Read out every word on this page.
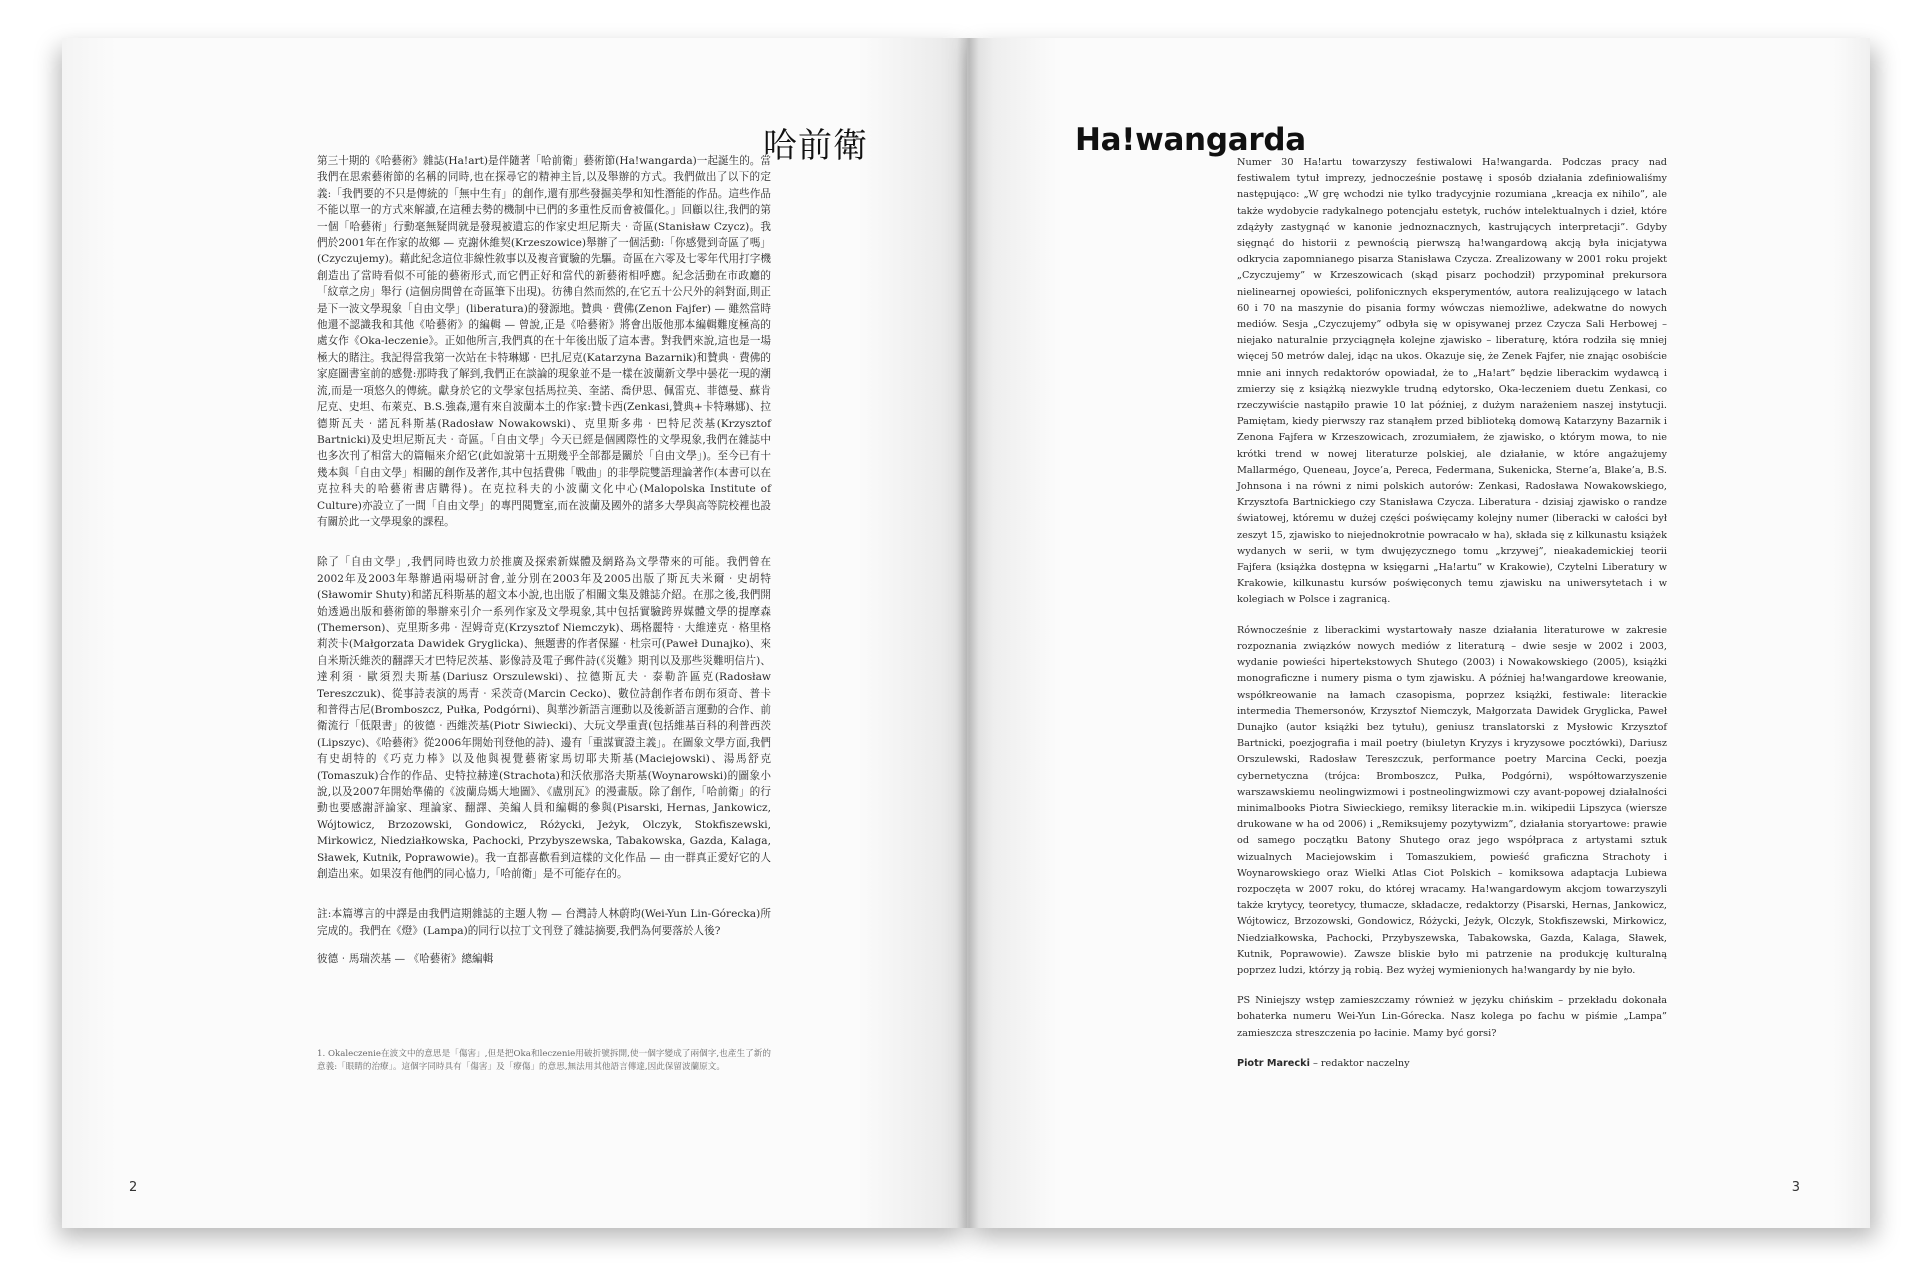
哈前衛

第三十期的《哈藝術》雜誌(Ha!art)是伴隨著「哈前衛」藝術節(Ha!wangarda)一起誕生的。當我們在思索藝術節的名稱的同時,也在探尋它的精神主旨,以及舉辦的方式。我們做出了以下的定義:「我們要的不只是傳統的「無中生有」的創作,還有那些發掘美學和知性潛能的作品。這些作品不能以單一的方式來解讀,在這種去勢的機制中已們的多重性反而會被僵化。」回顧以往,我們的第一個「哈藝術」行動毫無疑問就是發現被遺忘的作家史坦尼斯夫‧奇區(Stanisław Czycz)。我們於2001年在作家的故鄉 — 克謝休維契(Krzeszowice)舉辦了一個活動:「你感覺到奇區了嗎」(Czyczujemy)。藉此紀念這位非線性敘事以及複音實驗的先驅。奇區在六零及七零年代用打字機創造出了當時看似不可能的藝術形式,而它們正好和當代的新藝術相呼應。紀念活動在市政廳的「紋章之房」舉行 (這個房間曾在奇區筆下出現)。彷彿自然而然的,在它五十公尺外的斜對面,則正是下一波文學現象「自由文學」(liberatura)的發源地。贊典‧費佛(Zenon Fajfer) — 雖然當時他還不認識我和其他《哈藝術》的編輯 — 曾說,正是《哈藝術》將會出版他那本編輯難度極高的處女作《Oka-leczenie》。正如他所言,我們真的在十年後出版了這本書。對我們來說,這也是一場極大的賭注。我記得當我第一次站在卡特琳娜‧巴扎尼克(Katarzyna Bazarnik)和贊典‧費佛的家庭圖書室前的感覺:那時我了解到,我們正在談論的現象並不是一樣在波蘭新文學中曇花一現的潮流,而是一項悠久的傳統。獻身於它的文學家包括馬拉美、奎諾、喬伊思、佩雷克、菲德曼、蘇肯尼克、史坦、布萊克、B.S.強森,還有來自波蘭本土的作家:贊卡西(Zenkasi,贊典+卡特琳娜)、拉德斯瓦夫‧諾瓦科斯基(Radosław Nowakowski)、克里斯多弗‧巴特尼茨基(Krzysztof Bartnicki)及史坦尼斯瓦夫‧奇區。「自由文學」今天已經是個國際性的文學現象,我們在雜誌中也多次刊了相當大的篇幅來介紹它(此如說第十五期幾乎全部都是關於「自由文學」)。至今已有十幾本與「自由文學」相關的創作及著作,其中包括費佛「戰曲」的非學院雙語理論著作(本書可以在克拉科夫的哈藝術書店購得)。在克拉科夫的小波蘭文化中心(Malopolska Institute of Culture)亦設立了一間「自由文學」的專門閱覽室,而在波蘭及國外的諸多大學與高等院校裡也設有關於此一文學現象的課程。

除了「自由文學」,我們同時也致力於推廣及探索新媒體及網路為文學帶來的可能。我們曾在2002年及2003年舉辦過兩場研討會,並分別在2003年及2005出版了斯瓦夫米爾‧史胡特(Sławomir Shuty)和諾瓦科斯基的超文本小說,也出版了相關文集及雜誌介紹。在那之後,我們開始透過出版和藝術節的舉辦來引介一系列作家及文學現象,其中包括實驗跨界媒體文學的提摩森(Themerson)、克里斯多弗‧涅姆奇克(Krzysztof Niemczyk)、瑪格麗特‧大維達克‧格里格莉茨卡(Małgorzata Dawidek Gryglicka)、無題書的作者保羅‧杜宗可(Paweł Dunajko)、來自米斯沃維茨的翻譯天才巴特尼茨基、影像詩及電子郵件詩(《災難》期刊以及那些災難明信片)、達利須‧歐須烈夫斯基(Dariusz Orszulewski)、拉德斯瓦夫‧泰勒許區克(Radosław Tereszczuk)、從事詩表演的馬青‧采茨奇(Marcin Cecko)、數位詩創作者布朗布須奇、普卡和普得古尼(Bromboszcz, Pułka, Podgórni)、與華沙新語言運動以及後新語言運動的合作、前衛流行「低限書」的彼德‧西維茨基(Piotr Siwiecki)、大玩文學重責(包括維基百科的利普西茨(Lipszyc)、《哈藝術》從2006年開始刊登他的詩)、邊有「重謀實證主義」。在圖象文學方面,我們有史胡特的《巧克力棒》以及他與視覺藝術家馬切耶夫斯基(Maciejowski)、湯馬舒克(Tomaszuk)合作的作品、史特拉赫達(Strachota)和沃依那洛夫斯基(Woynarowski)的圖象小說,以及2007年開始準備的《波蘭烏媽大地圖》、《盧別瓦》的漫畫版。除了創作,「哈前衛」的行動也要感謝評論家、理論家、翻譯、美編人員和編輯的參與(Pisarski, Hernas, Jankowicz, Wójtowicz, Brzozowski, Gondowicz, Różycki, Jeżyk, Olczyk, Stokfiszewski, Mirkowicz, Niedziałkowska, Pachocki, Przybyszewska, Tabakowska, Gazda, Kalaga, Sławek, Kutnik, Poprawowie)。我一直都喜歡看到這樣的文化作品 — 由一群真正愛好它的人創造出來。如果沒有他們的同心協力,「哈前衛」是不可能存在的。

註:本篇導言的中譯是由我們這期雜誌的主題人物 — 台灣詩人林蔚昀(Wei-Yun Lin-Górecka)所完成的。我們在《燈》(Lampa)的同行以拉丁文刊登了雜誌摘要,我們為何要落於人後?

彼德‧馬瑞茨基 — 《哈藝術》總編輯

1. Okaleczenie在波文中的意思是「傷害」,但是把Oka和leczenie用破折號拆開,使一個字變成了兩個字,也產生了新的意義:「眼睛的治療」。這個字同時具有「傷害」及「療傷」的意思,無法用其他語言傳達,因此保留波蘭原文。
2
Ha!wangarda

Numer 30 Ha!artu towarzyszy festiwalowi Ha!wangarda. Podczas pracy nad festiwalem tytuł imprezy, jednocześnie postawę i sposób działania zdefiniowaliśmy następująco: „W grę wchodzi nie tylko tradycyjnie rozumiana „kreacja ex nihilo”, ale także wydobycie radykalnego potencjału estetyk, ruchów intelektualnych i dzieł, które zdążyły zastygnąć w kanonie jednoznacznych, kastrujących interpretacji”. Gdyby sięgnąć do historii z pewnością pierwszą ha!wangardową akcją była inicjatywa odkrycia zapomnianego pisarza Stanisława Czycza. Zrealizowany w 2001 roku projekt „Czyczujemy” w Krzeszowicach (skąd pisarz pochodził) przypominał prekursora nielinearnej opowieści, polifonicznych eksperymentów, autora realizującego w latach 60 i 70 na maszynie do pisania formy wówczas niemożliwe, adekwatne do nowych mediów. Sesja „Czyczujemy” odbyła się w opisywanej przez Czycza Sali Herbowej – niejako naturalnie przyciągnęła kolejne zjawisko – liberaturę, która rodziła się mniej więcej 50 metrów dalej, idąc na ukos. Okazuje się, że Zenek Fajfer, nie znając osobiście mnie ani innych redaktorów opowiadał, że to „Ha!art” będzie liberackim wydawcą i zmierzy się z książką niezwykle trudną edytorsko, Oka-leczeniem duetu Zenkasi, co rzeczywiście nastąpiło prawie 10 lat później, z dużym narażeniem naszej instytucji. Pamiętam, kiedy pierwszy raz stanąłem przed biblioteką domową Katarzyny Bazarnik i Zenona Fajfera w Krzeszowicach, zrozumiałem, że zjawisko, o którym mowa, to nie krótki trend w nowej literaturze polskiej, ale działanie, w które angażujemy Mallarmégo, Queneau, Joyce’a, Pereca, Federmana, Sukenicka, Sterne’a, Blake’a, B.S. Johnsona i na równi z nimi polskich autorów: Zenkasi, Radosława Nowakowskiego, Krzysztofa Bartnickiego czy Stanisława Czycza. Liberatura - dzisiaj zjawisko o randze światowej, któremu w dużej części poświęcamy kolejny numer (liberacki w całości był zeszyt 15, zjawisko to niejednokrotnie powracało w ha), składa się z kilkunastu książek wydanych w serii, w tym dwujęzycznego tomu „krzywej”, nieakademickiej teorii Fajfera (książka dostępna w księgarni „Ha!artu” w Krakowie), Czytelni Liberatury w Krakowie, kilkunastu kursów poświęconych temu zjawisku na uniwersytetach i w kolegiach w Polsce i zagranicą.

Równocześnie z liberackimi wystartowały nasze działania literaturowe w zakresie rozpoznania związków nowych mediów z literaturą – dwie sesje w 2002 i 2003, wydanie powieści hipertekstowych Shutego (2003) i Nowakowskiego (2005), książki monograficzne i numery pisma o tym zjawisku. A później ha!wangardowe kreowanie, współkreowanie na łamach czasopisma, poprzez książki, festiwale: literackie intermedia Themersonów, Krzysztof Niemczyk, Małgorzata Dawidek Gryglicka, Paweł Dunajko (autor książki bez tytułu), geniusz translatorski z Mysłowic Krzysztof Bartnicki, poezjografia i mail poetry (biuletyn Kryzys i kryzysowe pocztówki), Dariusz Orszulewski, Radosław Tereszczuk, performance poetry Marcina Cecki, poezja cybernetyczna (trójca: Bromboszcz, Pułka, Podgórni), współtowarzyszenie warszawskiemu neolingwizmowi i postneolingwizmowi czy avant-popowej działalności minimalbooks Piotra Siwieckiego, remiksy literackie m.in. wikipedii Lipszyca (wiersze drukowane w ha od 2006) i „Remiksujemy pozytywizm”, działania storyartowe: prawie od samego początku Batony Shutego oraz jego współpraca z artystami sztuk wizualnych Maciejowskim i Tomaszukiem, powieść graficzna Strachoty i Woynarowskiego oraz Wielki Atlas Ciot Polskich – komiksowa adaptacja Lubiewa rozpoczęta w 2007 roku, do której wracamy. Ha!wangardowym akcjom towarzyszyli także krytycy, teoretycy, tłumacze, składacze, redaktorzy (Pisarski, Hernas, Jankowicz, Wójtowicz, Brzozowski, Gondowicz, Różycki, Jeżyk, Olczyk, Stokfiszewski, Mirkowicz, Niedziałkowska, Pachocki, Przybyszewska, Tabakowska, Gazda, Kalaga, Sławek, Kutnik, Poprawowie). Zawsze bliskie było mi patrzenie na produkcję kulturalną poprzez ludzi, którzy ją robią. Bez wyżej wymienionych ha!wangardy by nie było.

PS Niniejszy wstęp zamieszczamy również w języku chińskim – przekładu dokonała bohaterka numeru Wei-Yun Lin-Górecka. Nasz kolega po fachu w piśmie „Lampa” zamieszcza streszczenia po łacinie. Mamy być gorsi?

Piotr Marecki – redaktor naczelny

3
